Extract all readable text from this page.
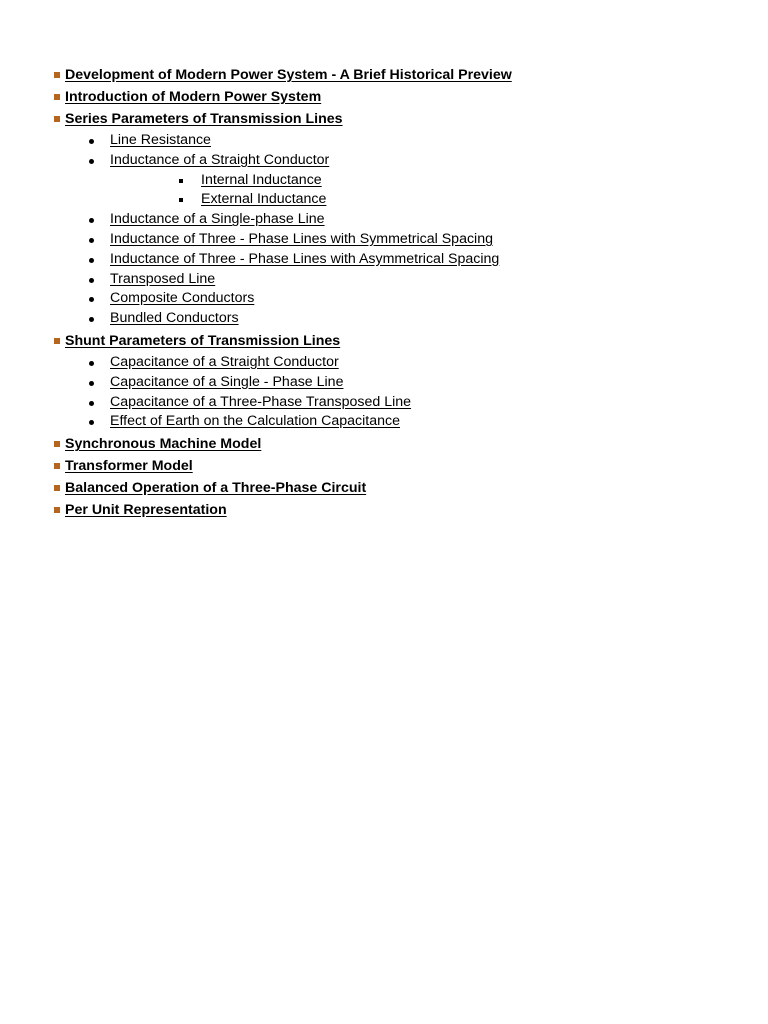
Development of Modern Power System - A Brief Historical Preview
Introduction of Modern Power System
Series Parameters of Transmission Lines
Line Resistance
Inductance of a Straight Conductor
Internal Inductance
External Inductance
Inductance of a Single-phase Line
Inductance of Three - Phase Lines with Symmetrical Spacing
Inductance of Three - Phase Lines with Asymmetrical Spacing
Transposed Line
Composite Conductors
Bundled Conductors
Shunt Parameters of Transmission Lines
Capacitance of a Straight Conductor
Capacitance of a Single - Phase Line
Capacitance of a Three-Phase Transposed Line
Effect of Earth on the Calculation Capacitance
Synchronous Machine Model
Transformer Model
Balanced Operation of a Three-Phase Circuit
Per Unit Representation
